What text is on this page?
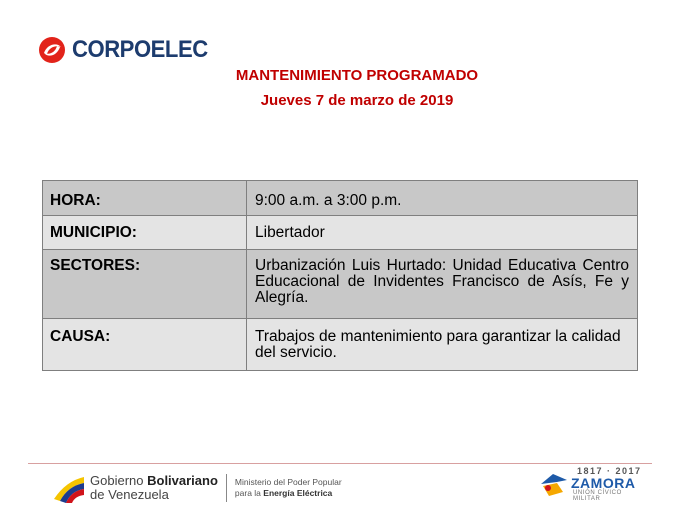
CORPOELEC
MANTENIMIENTO PROGRAMADO
Jueves 7 de marzo de 2019
HORA:	9:00 a.m. a 3:00 p.m.
MUNICIPIO:	Libertador
SECTORES:	Urbanización Luis Hurtado: Unidad Educativa Centro Educacional de Invidentes Francisco de Asís, Fe y Alegría.
CAUSA:	Trabajos de mantenimiento para garantizar la calidad del servicio.
Gobierno Bolivariano
de Venezuela
Ministerio del Poder Popular
para la Energía Eléctrica
1817 · 2017
ZAMORA
UNIÓN CÍVICO MILITAR
